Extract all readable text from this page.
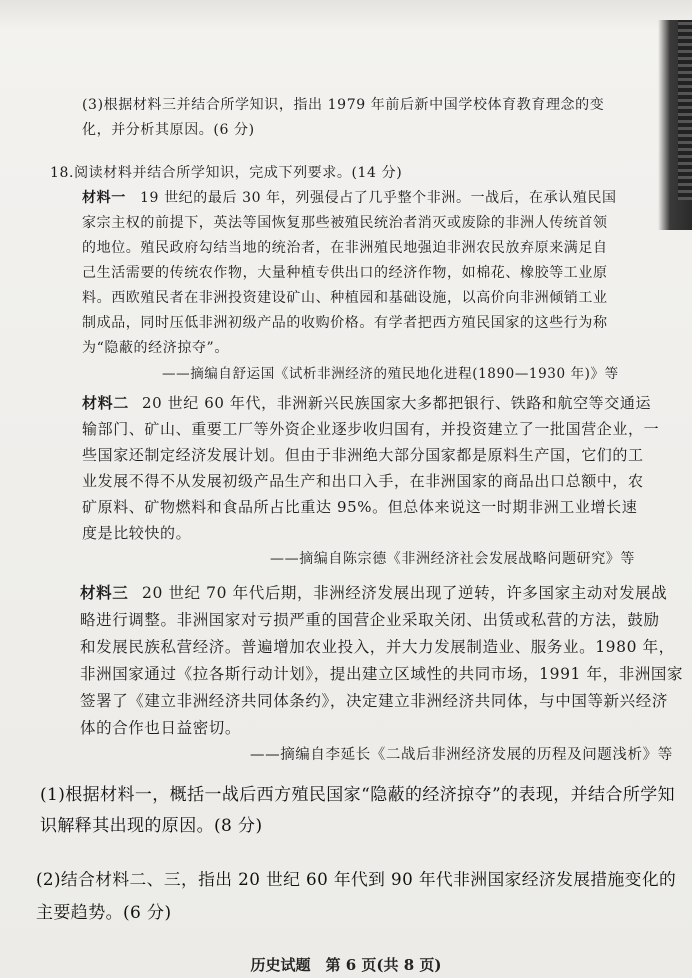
(3)根据材料三并结合所学知识，指出 1979 年前后新中国学校体育教育理念的变
化，并分析其原因。(6 分)
18.阅读材料并结合所学知识，完成下列要求。(14 分)
材料一 19 世纪的最后 30 年，列强侵占了几乎整个非洲。一战后，在承认殖民国
家宗主权的前提下，英法等国恢复那些被殖民统治者消灭或废除的非洲人传统首领
的地位。殖民政府勾结当地的统治者，在非洲殖民地强迫非洲农民放弃原来满足自
己生活需要的传统农作物，大量种植专供出口的经济作物，如棉花、橡胶等工业原
料。西欧殖民者在非洲投资建设矿山、种植园和基础设施，以高价向非洲倾销工业
制成品，同时压低非洲初级产品的收购价格。有学者把西方殖民国家的这些行为称
为“隐蔽的经济掠夺”。
——摘编自舒运国《试析非洲经济的殖民地化进程(1890—1930 年)》等
材料二 20 世纪 60 年代，非洲新兴民族国家大多都把银行、铁路和航空等交通运
输部门、矿山、重要工厂等外资企业逐步收归国有，并投资建立了一批国营企业，一
些国家还制定经济发展计划。但由于非洲绝大部分国家都是原料生产国，它们的工
业发展不得不从发展初级产品生产和出口入手，在非洲国家的商品出口总额中，农
矿原料、矿物燃料和食品所占比重达 95%。但总体来说这一时期非洲工业增长速
度是比较快的。
——摘编自陈宗德《非洲经济社会发展战略问题研究》等
材料三 20 世纪 70 年代后期，非洲经济发展出现了逆转，许多国家主动对发展战
略进行调整。非洲国家对亏损严重的国营企业采取关闭、出赁或私营的方法，鼓励
和发展民族私营经济。普遍增加农业投入，并大力发展制造业、服务业。1980 年，
非洲国家通过《拉各斯行动计划》，提出建立区域性的共同市场，1991 年，非洲国家
签署了《建立非洲经济共同体条约》，决定建立非洲经济共同体，与中国等新兴经济
体的合作也日益密切。
——摘编自李延长《二战后非洲经济发展的历程及问题浅析》等
(1)根据材料一，概括一战后西方殖民国家“隐蔽的经济掠夺”的表现，并结合所学知
识解释其出现的原因。(8 分)
(2)结合材料二、三，指出 20 世纪 60 年代到 90 年代非洲国家经济发展措施变化的
主要趋势。(6 分)
历史试题　第 6 页(共 8 页)
